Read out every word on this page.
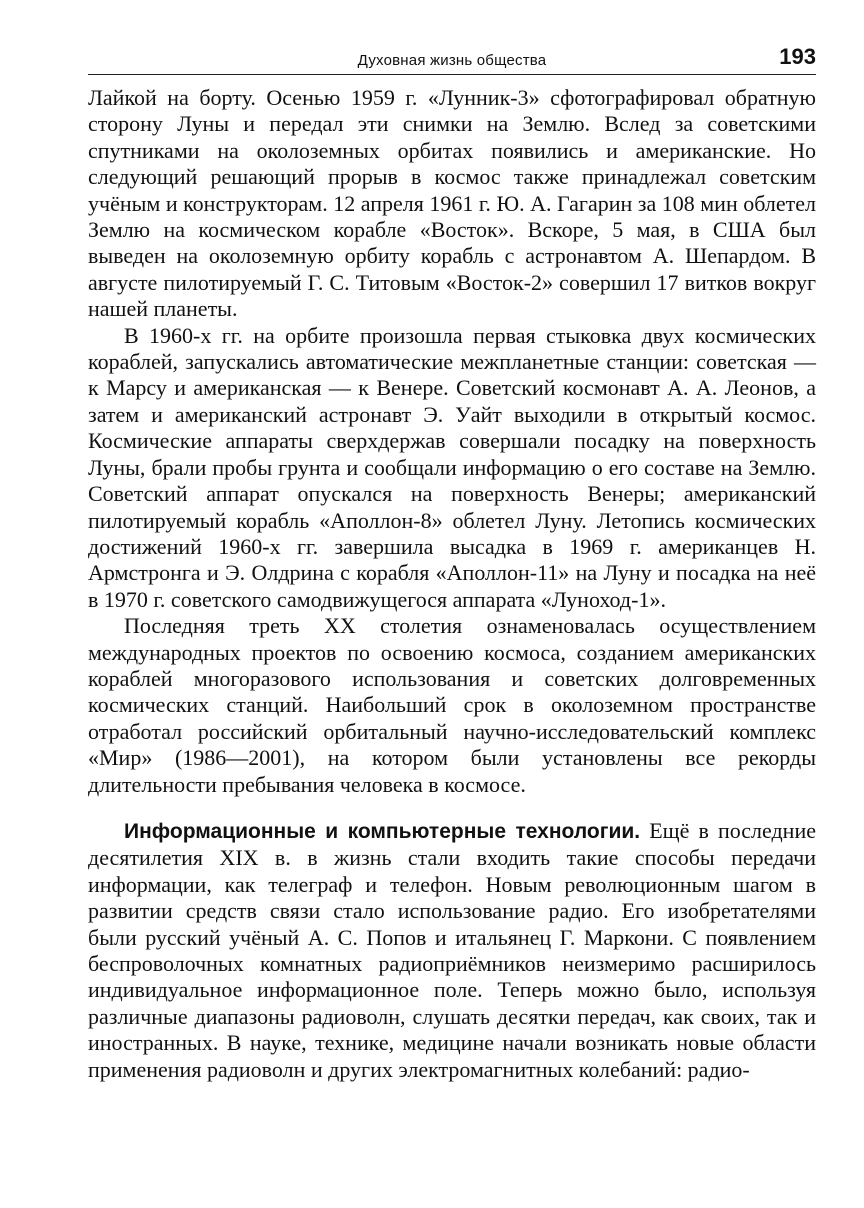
Духовная жизнь общества	193

Лайкой на борту. Осенью 1959 г. «Лунник-3» сфотографировал обратную сторону Луны и передал эти снимки на Землю. Вслед за советскими спутниками на околоземных орбитах появились и американские. Но следующий решающий прорыв в космос также принадлежал советским учёным и конструкторам. 12 апреля 1961 г. Ю. А. Гагарин за 108 мин облетел Землю на космическом корабле «Восток». Вскоре, 5 мая, в США был выведен на околоземную орбиту корабль с астронавтом А. Шепардом. В августе пилотируемый Г. С. Титовым «Восток-2» совершил 17 витков вокруг нашей планеты.

В 1960-х гг. на орбите произошла первая стыковка двух космических кораблей, запускались автоматические межпланетные станции: советская — к Марсу и американская — к Венере. Советский космонавт А. А. Леонов, а затем и американский астронавт Э. Уайт выходили в открытый космос. Космические аппараты сверхдержав совершали посадку на поверхность Луны, брали пробы грунта и сообщали информацию о его составе на Землю. Советский аппарат опускался на поверхность Венеры; американский пилотируемый корабль «Аполлон-8» облетел Луну. Летопись космических достижений 1960-х гг. завершила высадка в 1969 г. американцев Н. Армстронга и Э. Олдрина с корабля «Аполлон-11» на Луну и посадка на неё в 1970 г. советского самодвижущегося аппарата «Луноход-1».

Последняя треть XX столетия ознаменовалась осуществлением международных проектов по освоению космоса, созданием американских кораблей многоразового использования и советских долговременных космических станций. Наибольший срок в околоземном пространстве отработал российский орбитальный научно-исследовательский комплекс «Мир» (1986—2001), на котором были установлены все рекорды длительности пребывания человека в космосе.

Информационные и компьютерные технологии. Ещё в последние десятилетия XIX в. в жизнь стали входить такие способы передачи информации, как телеграф и телефон. Новым революционным шагом в развитии средств связи стало использование радио. Его изобретателями были русский учёный А. С. Попов и итальянец Г. Маркони. С появлением беспроволочных комнатных радиоприёмников неизмеримо расширилось индивидуальное информационное поле. Теперь можно было, используя различные диапазоны радиоволн, слушать десятки передач, как своих, так и иностранных. В науке, технике, медицине начали возникать новые области применения радиоволн и других электромагнитных колебаний: радио-
